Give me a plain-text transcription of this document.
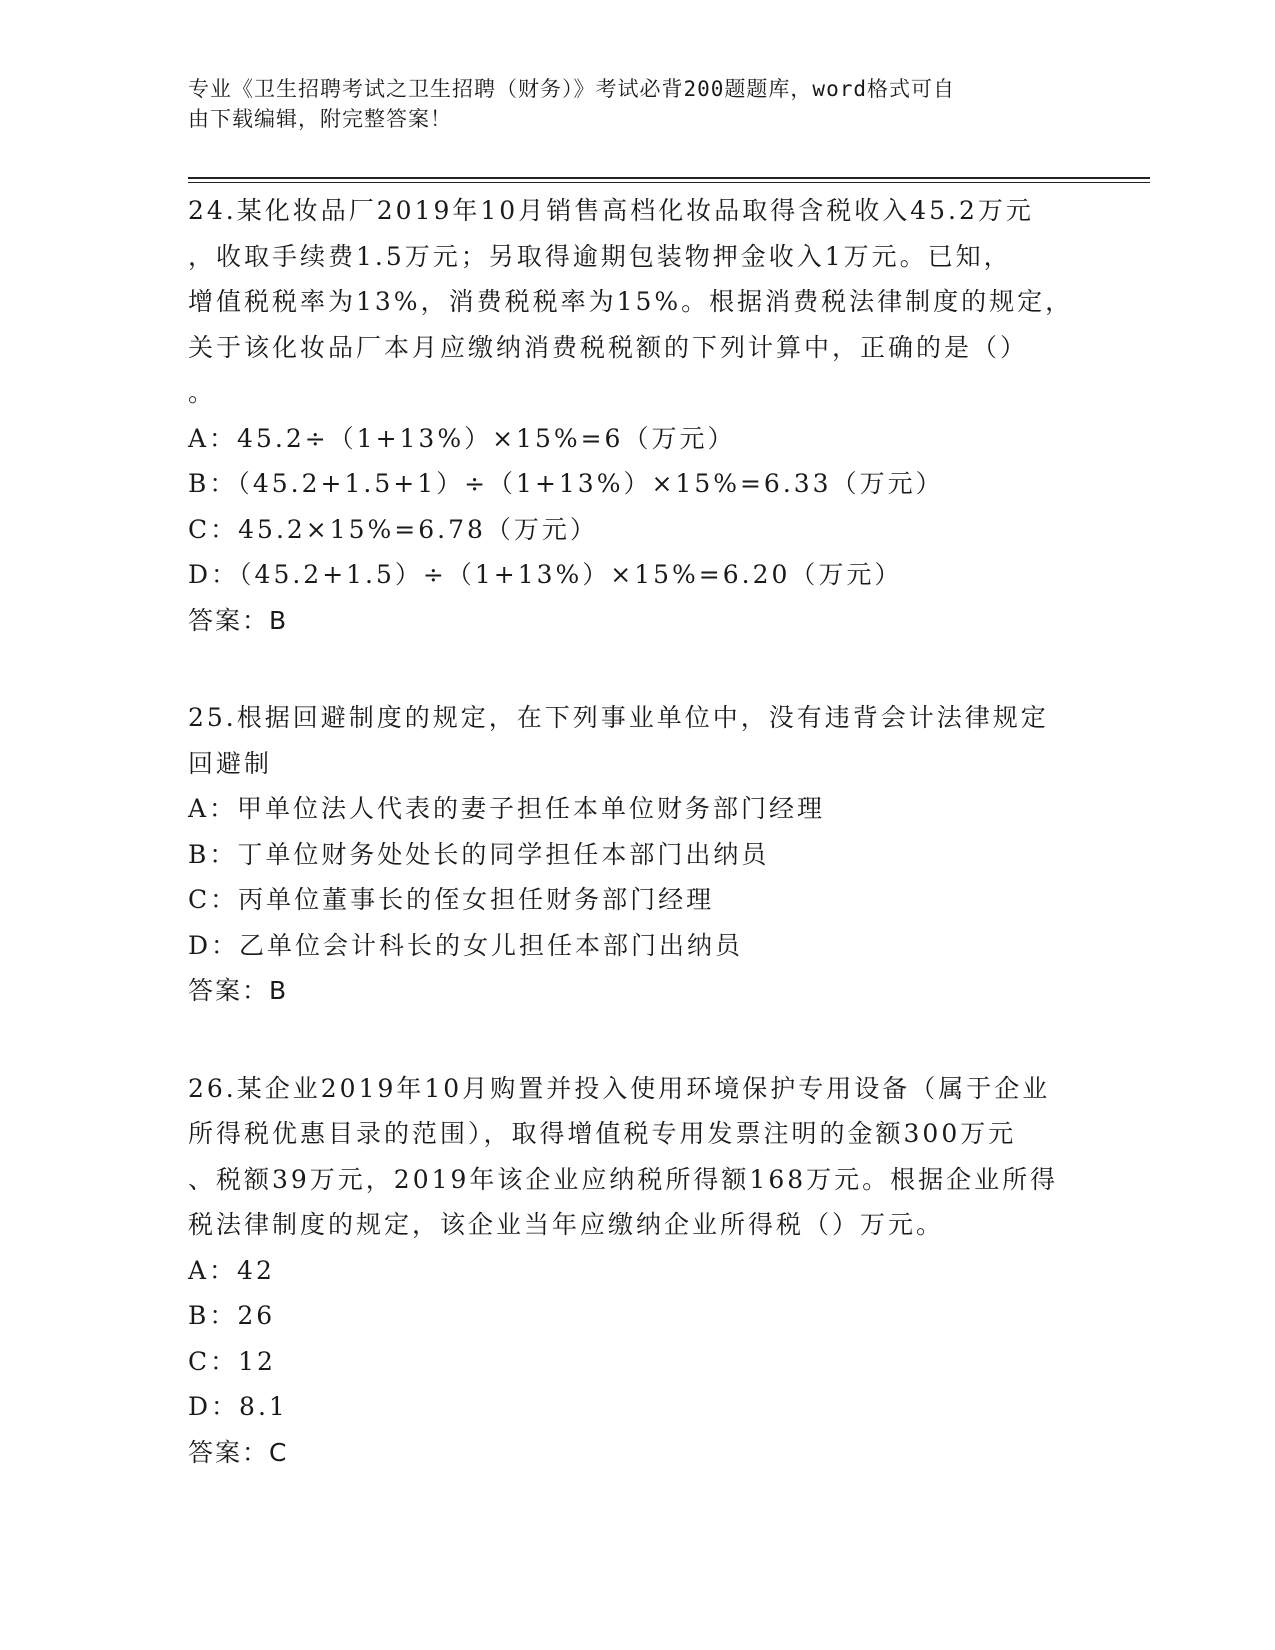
专业《卫生招聘考试之卫生招聘（财务）》考试必背200题题库，word格式可自
由下载编辑，附完整答案！

24.某化妆品厂2019年10月销售高档化妆品取得含税收入45.2万元

，收取手续费1.5万元；另取得逾期包装物押金收入1万元。已知，

增值税税率为13%，消费税税率为15%。根据消费税法律制度的规定，

关于该化妆品厂本月应缴纳消费税税额的下列计算中，正确的是（）

。

A：45.2÷（1+13%）×15%=6（万元）

B：（45.2+1.5+1）÷（1+13%）×15%=6.33（万元）

C：45.2×15%=6.78（万元）

D：（45.2+1.5）÷（1+13%）×15%=6.20（万元）

答案：B

25.根据回避制度的规定，在下列事业单位中，没有违背会计法律规定

回避制

A：甲单位法人代表的妻子担任本单位财务部门经理

B：丁单位财务处处长的同学担任本部门出纳员

C：丙单位董事长的侄女担任财务部门经理

D：乙单位会计科长的女儿担任本部门出纳员

答案：B

26.某企业2019年10月购置并投入使用环境保护专用设备（属于企业

所得税优惠目录的范围），取得增值税专用发票注明的金额300万元

、税额39万元，2019年该企业应纳税所得额168万元。根据企业所得

税法律制度的规定，该企业当年应缴纳企业所得税（）万元。

A：42

B：26

C：12

D：8.1

答案：C
